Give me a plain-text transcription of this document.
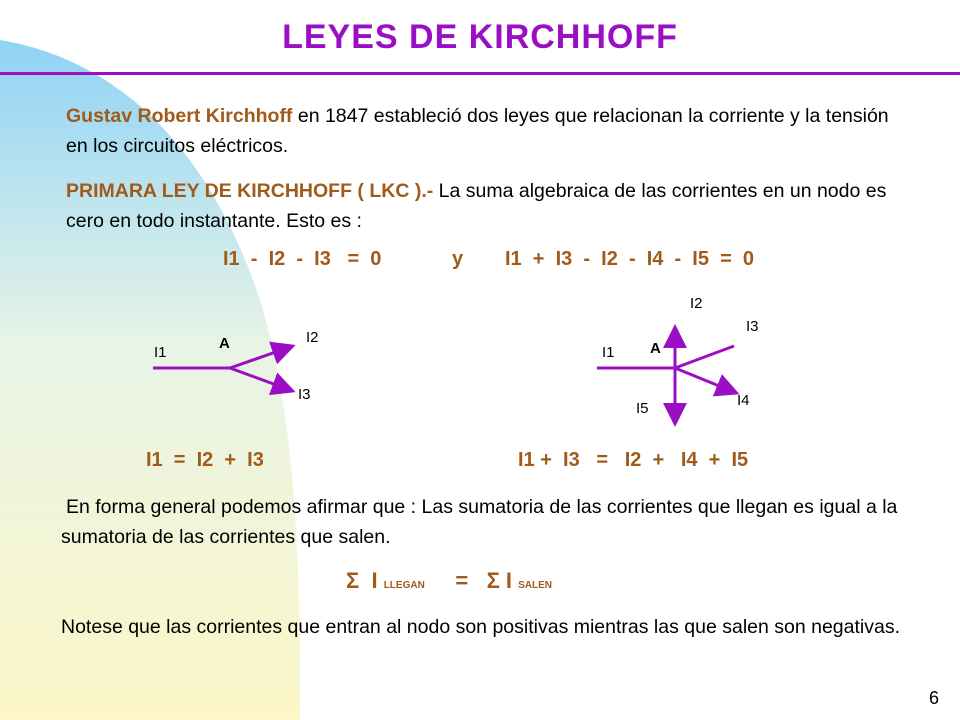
LEYES DE KIRCHHOFF
Gustav Robert Kirchhoff en 1847 estableció dos leyes que relacionan la corriente y la tensión en los circuitos eléctricos.
PRIMARA LEY DE KIRCHHOFF ( LKC ).- La suma algebraica de las corrientes en un nodo es cero en todo instantante. Esto es :
I1  -  I2  -  I3   =  0	y I1  +  I3  -  I2  -  I4  -  I5  =  0
I1
A	I2
I3
I1 A
I2
I3
I4
I5
I1  =  I2  +  I3	I1 +  I3   =   I2  +   I4  +  I5
En forma general podemos afirmar que : Las sumatoria de las corrientes que llegan es igual a la sumatoria de las corrientes que salen.
Σ I LLEGAN = Σ I SALEN
Notese que las corrientes que entran al nodo son positivas mientras las que salen son negativas.
6
